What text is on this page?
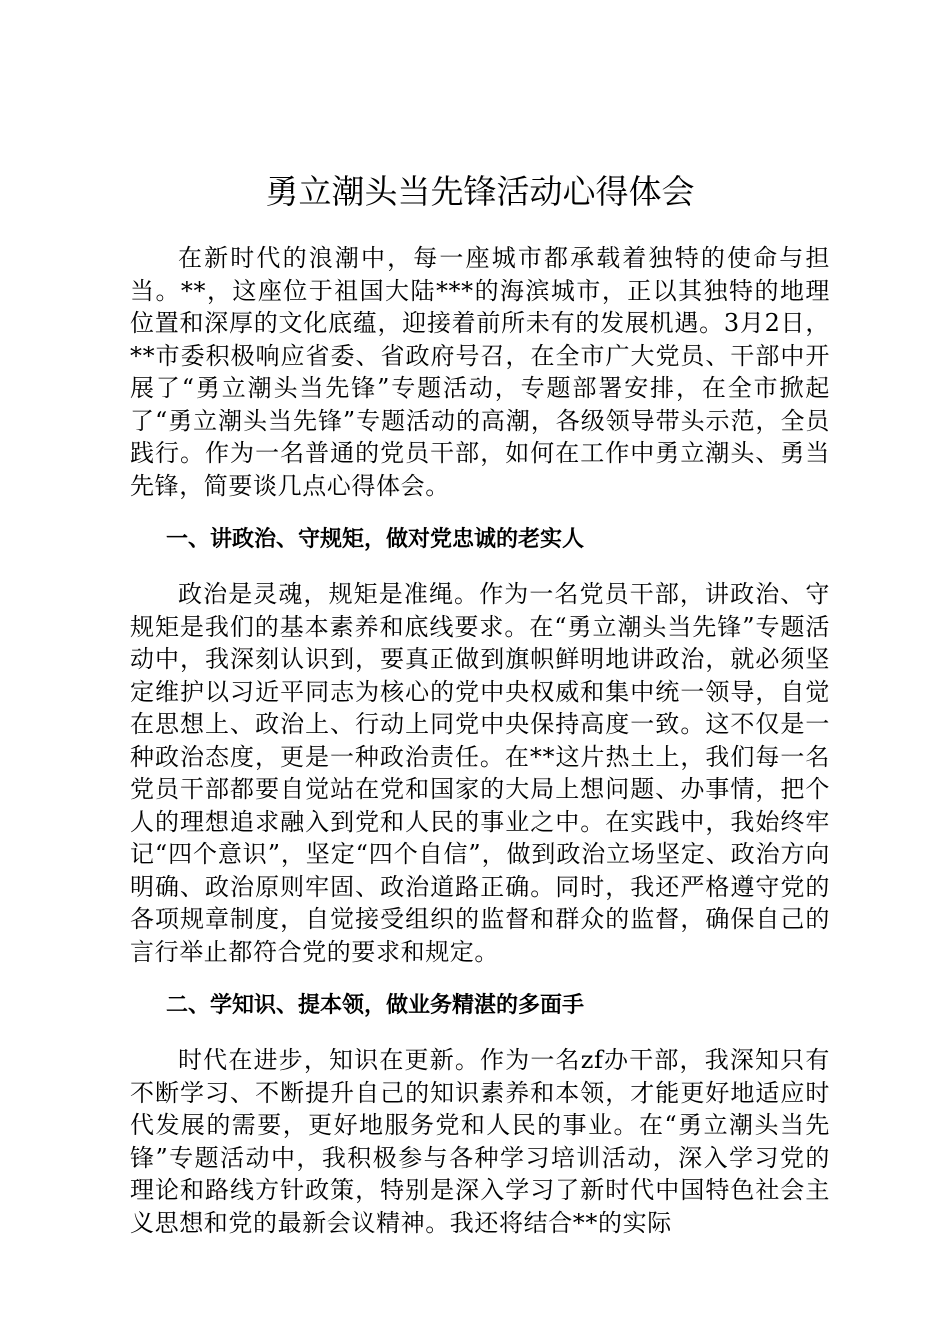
勇立潮头当先锋活动心得体会

在新时代的浪潮中，每一座城市都承载着独特的使命与担当。**，这座位于祖国大陆***的海滨城市，正以其独特的地理位置和深厚的文化底蕴，迎接着前所未有的发展机遇。3月2日，**市委积极响应省委、省政府号召，在全市广大党员、干部中开展了“勇立潮头当先锋”专题活动，专题部署安排，在全市掀起了“勇立潮头当先锋”专题活动的高潮，各级领导带头示范，全员践行。作为一名普通的党员干部，如何在工作中勇立潮头、勇当先锋，简要谈几点心得体会。

一、讲政治、守规矩，做对党忠诚的老实人

政治是灵魂，规矩是准绳。作为一名党员干部，讲政治、守规矩是我们的基本素养和底线要求。在“勇立潮头当先锋”专题活动中，我深刻认识到，要真正做到旗帜鲜明地讲政治，就必须坚定维护以习近平同志为核心的党中央权威和集中统一领导，自觉在思想上、政治上、行动上同党中央保持高度一致。这不仅是一种政治态度，更是一种政治责任。在**这片热土上，我们每一名党员干部都要自觉站在党和国家的大局上想问题、办事情，把个人的理想追求融入到党和人民的事业之中。在实践中，我始终牢记“四个意识”，坚定“四个自信”，做到政治立场坚定、政治方向明确、政治原则牢固、政治道路正确。同时，我还严格遵守党的各项规章制度，自觉接受组织的监督和群众的监督，确保自己的言行举止都符合党的要求和规定。

二、学知识、提本领，做业务精湛的多面手

时代在进步，知识在更新。作为一名zf办干部，我深知只有不断学习、不断提升自己的知识素养和本领，才能更好地适应时代发展的需要，更好地服务党和人民的事业。在“勇立潮头当先锋”专题活动中，我积极参与各种学习培训活动，深入学习党的理论和路线方针政策，特别是深入学习了新时代中国特色社会主义思想和党的最新会议精神。我还将结合**的实际
